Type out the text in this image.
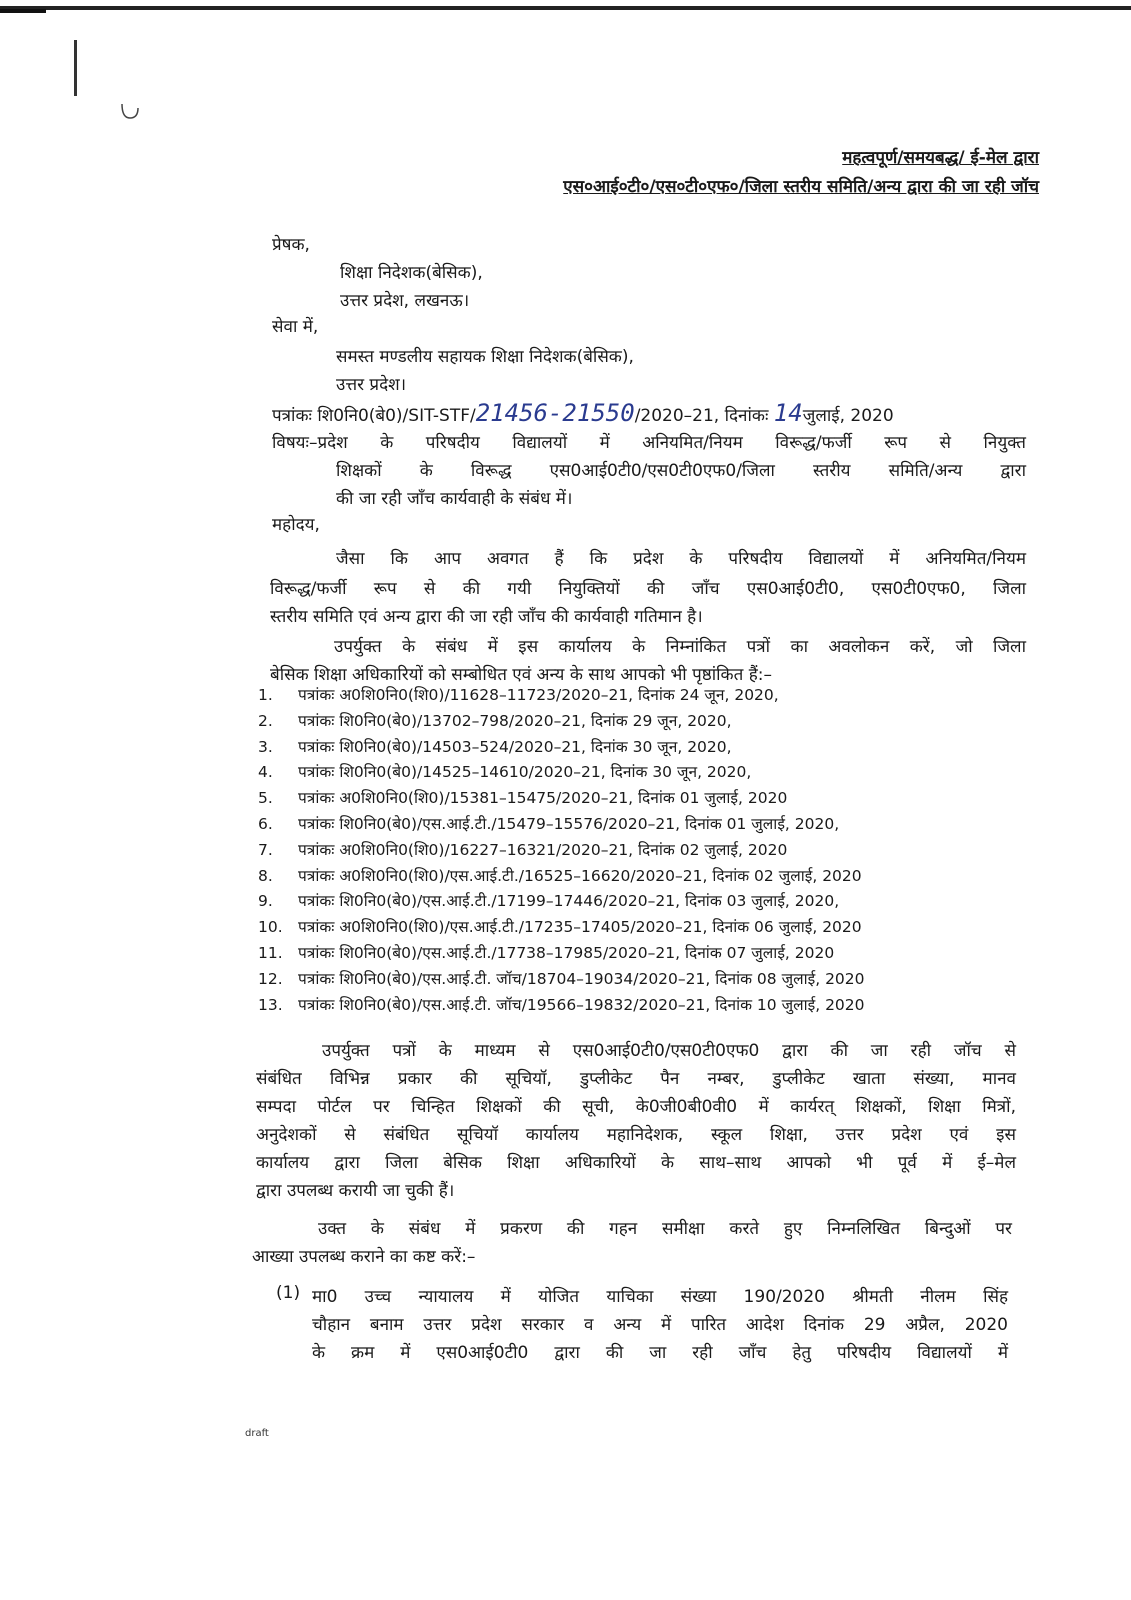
महत्वपूर्ण/समयबद्ध/ ई-मेल द्वारा
एस०आई०टी०/एस०टी०एफ०/जिला स्तरीय समिति/अन्य द्वारा की जा रही जॉच
प्रेषक,
शिक्षा निदेशक(बेसिक),
उत्तर प्रदेश, लखनऊ।
सेवा में,
समस्त मण्डलीय सहायक शिक्षा निदेशक(बेसिक),
उत्तर प्रदेश।
पत्रांकः शि0नि0(बे0)/SIT-STF/21456-21550/2020–21, दिनांकः 14जुलाई, 2020
विषयः–प्रदेश के परिषदीय विद्यालयों में अनियमित/नियम विरूद्ध/फर्जी रूप से नियुक्त
शिक्षकों के विरूद्ध एस0आई0टी0/एस0टी0एफ0/जिला स्तरीय समिति/अन्य द्वारा
की जा रही जाँच कार्यवाही के संबंध में।
महोदय,
जैसा कि आप अवगत हैं कि प्रदेश के परिषदीय विद्यालयों में अनियमित/नियम
विरूद्ध/फर्जी रूप से की गयी नियुक्तियों की जाँच एस0आई0टी0, एस0टी0एफ0, जिला
स्तरीय समिति एवं अन्य द्वारा की जा रही जाँच की कार्यवाही गतिमान है।
उपर्युक्त के संबंध में इस कार्यालय के निम्नांकित पत्रों का अवलोकन करें, जो जिला
बेसिक शिक्षा अधिकारियों को सम्बोधित एवं अन्य के साथ आपको भी पृष्ठांकित हैं:–
1.	पत्रांकः अ0शि0नि0(शि0)/11628–11723/2020–21, दिनांक 24 जून, 2020,
2.	पत्रांकः शि0नि0(बे0)/13702–798/2020–21, दिनांक 29 जून, 2020,
3.	पत्रांकः शि0नि0(बे0)/14503–524/2020–21, दिनांक 30 जून, 2020,
4.	पत्रांकः शि0नि0(बे0)/14525–14610/2020–21, दिनांक 30 जून, 2020,
5.	पत्रांकः अ0शि0नि0(शि0)/15381–15475/2020–21, दिनांक 01 जुलाई, 2020
6.	पत्रांकः शि0नि0(बे0)/एस.आई.टी./15479–15576/2020–21, दिनांक 01 जुलाई, 2020,
7.	पत्रांकः अ0शि0नि0(शि0)/16227–16321/2020–21, दिनांक 02 जुलाई, 2020
8.	पत्रांकः अ0शि0नि0(शि0)/एस.आई.टी./16525–16620/2020–21, दिनांक 02 जुलाई, 2020
9.	पत्रांकः शि0नि0(बे0)/एस.आई.टी./17199–17446/2020–21, दिनांक 03 जुलाई, 2020,
10. पत्रांकः अ0शि0नि0(शि0)/एस.आई.टी./17235–17405/2020–21, दिनांक 06 जुलाई, 2020
11. पत्रांकः शि0नि0(बे0)/एस.आई.टी./17738–17985/2020–21, दिनांक 07 जुलाई, 2020
12. पत्रांकः शि0नि0(बे0)/एस.आई.टी. जॉच/18704–19034/2020–21, दिनांक 08 जुलाई, 2020
13. पत्रांकः शि0नि0(बे0)/एस.आई.टी. जॉच/19566–19832/2020–21, दिनांक 10 जुलाई, 2020
उपर्युक्त पत्रों के माध्यम से एस0आई0टी0/एस0टी0एफ0 द्वारा की जा रही जॉच से
संबंधित विभिन्न प्रकार की सूचियॉ, डुप्लीकेट पैन नम्बर, डुप्लीकेट खाता संख्या, मानव
सम्पदा पोर्टल पर चिन्हित शिक्षकों की सूची, के0जी0बी0वी0 में कार्यरत् शिक्षकों, शिक्षा मित्रों,
अनुदेशकों से संबंधित सूचियॉ कार्यालय महानिदेशक, स्कूल शिक्षा, उत्तर प्रदेश एवं इस
कार्यालय द्वारा जिला बेसिक शिक्षा अधिकारियों के साथ–साथ आपको भी पूर्व में ई–मेल
द्वारा उपलब्ध करायी जा चुकी हैं।
उक्त के संबंध में प्रकरण की गहन समीक्षा करते हुए निम्नलिखित बिन्दुओं पर
आख्या उपलब्ध कराने का कष्ट करें:–
(1) मा0 उच्च न्यायालय में योजित याचिका संख्या 190/2020 श्रीमती नीलम सिंह
चौहान बनाम उत्तर प्रदेश सरकार व अन्य में पारित आदेश दिनांक 29 अप्रैल, 2020
के क्रम में एस0आई0टी0 द्वारा की जा रही जाँच हेतु परिषदीय विद्यालयों में
draft
